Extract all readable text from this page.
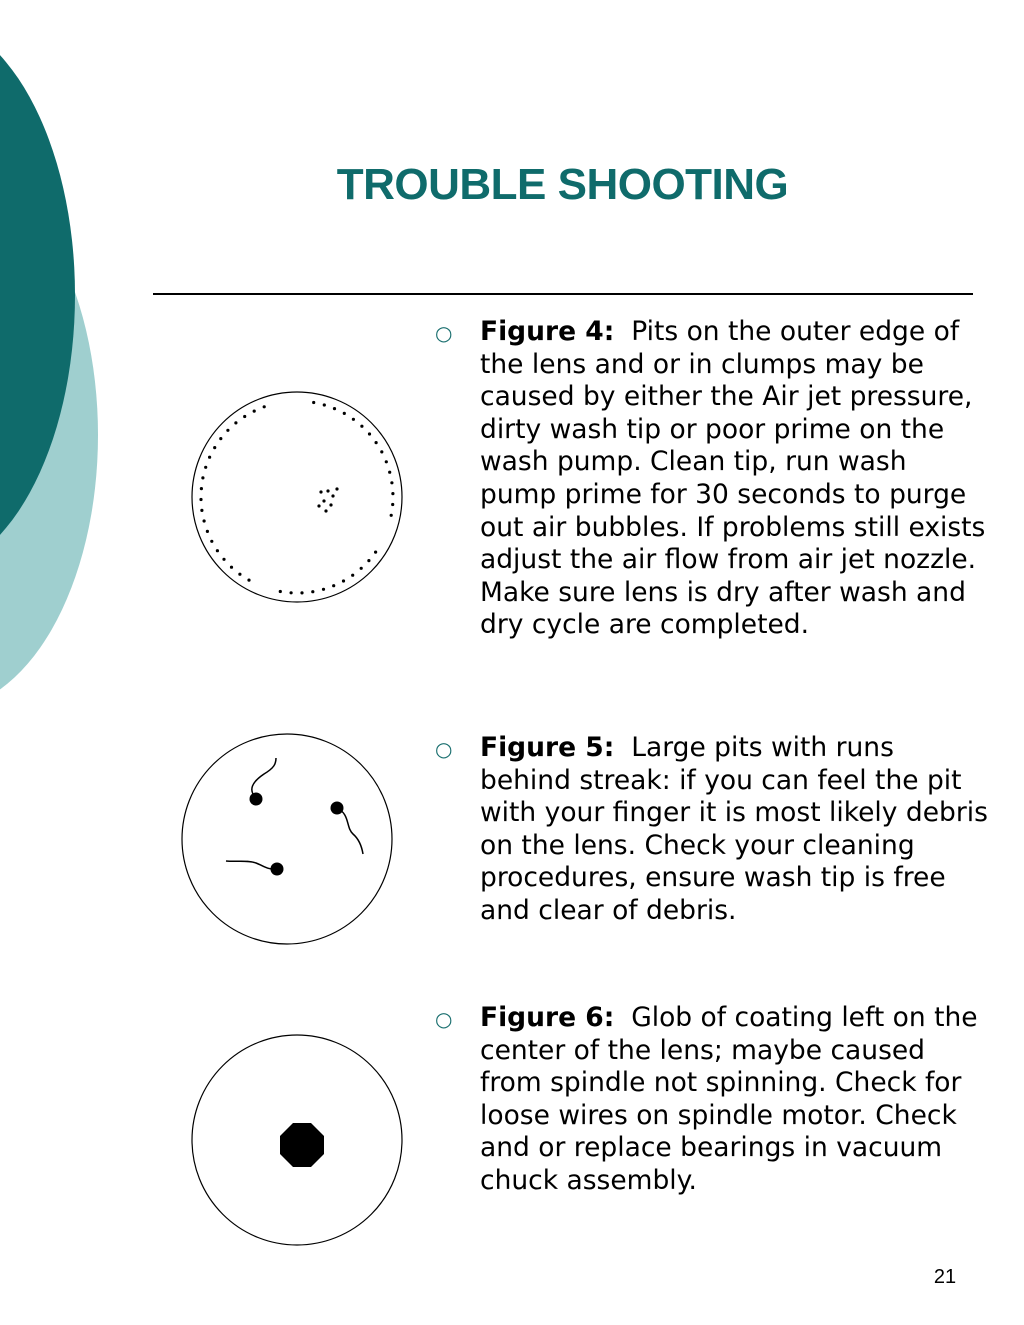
TROUBLE SHOOTING
○ Figure 4: Pits on the outer edge of the lens and or in clumps may be caused by either the Air jet pressure, dirty wash tip or poor prime on the wash pump. Clean tip, run wash pump prime for 30 seconds to purge out air bubbles. If problems still exists adjust the air flow from air jet nozzle. Make sure lens is dry after wash and dry cycle are completed.
○ Figure 5: Large pits with runs behind streak: if you can feel the pit with your finger it is most likely debris on the lens. Check your cleaning procedures, ensure wash tip is free and clear of debris.
○ Figure 6: Glob of coating left on the center of the lens; maybe caused from spindle not spinning. Check for loose wires on spindle motor. Check and or replace bearings in vacuum chuck assembly.
21
